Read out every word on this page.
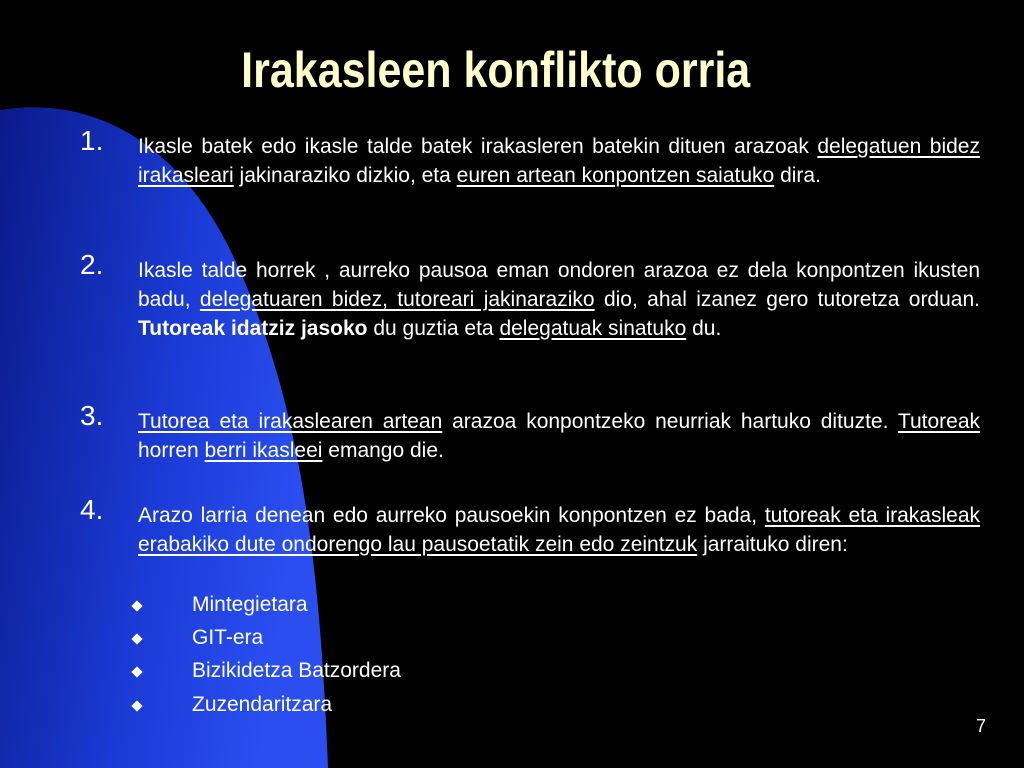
Irakasleen konflikto orria
1. Ikasle batek edo ikasle talde batek irakasleren batekin dituen arazoak delegatuen bidez irakasleari jakinaraziko dizkio, eta euren artean konpontzen saiatuko dira.
2. Ikasle talde horrek , aurreko pausoa eman ondoren arazoa ez dela konpontzen ikusten badu, delegatuaren bidez, tutoreari jakinaraziko dio, ahal izanez gero tutoretza orduan. Tutoreak idatziz jasoko du guztia eta delegatuak sinatuko du.
3. Tutorea eta irakaslearen artean arazoa konpontzeko neurriak hartuko dituzte. Tutoreak horren berri ikasleei emango die.
4. Arazo larria denean edo aurreko pausoekin konpontzen ez bada, tutoreak eta irakasleak erabakiko dute ondorengo lau pausoetatik zein edo zeintzuk jarraituko diren:
Mintegietara
GIT-era
Bizikidetza Batzordera
Zuzendaritzara
7
